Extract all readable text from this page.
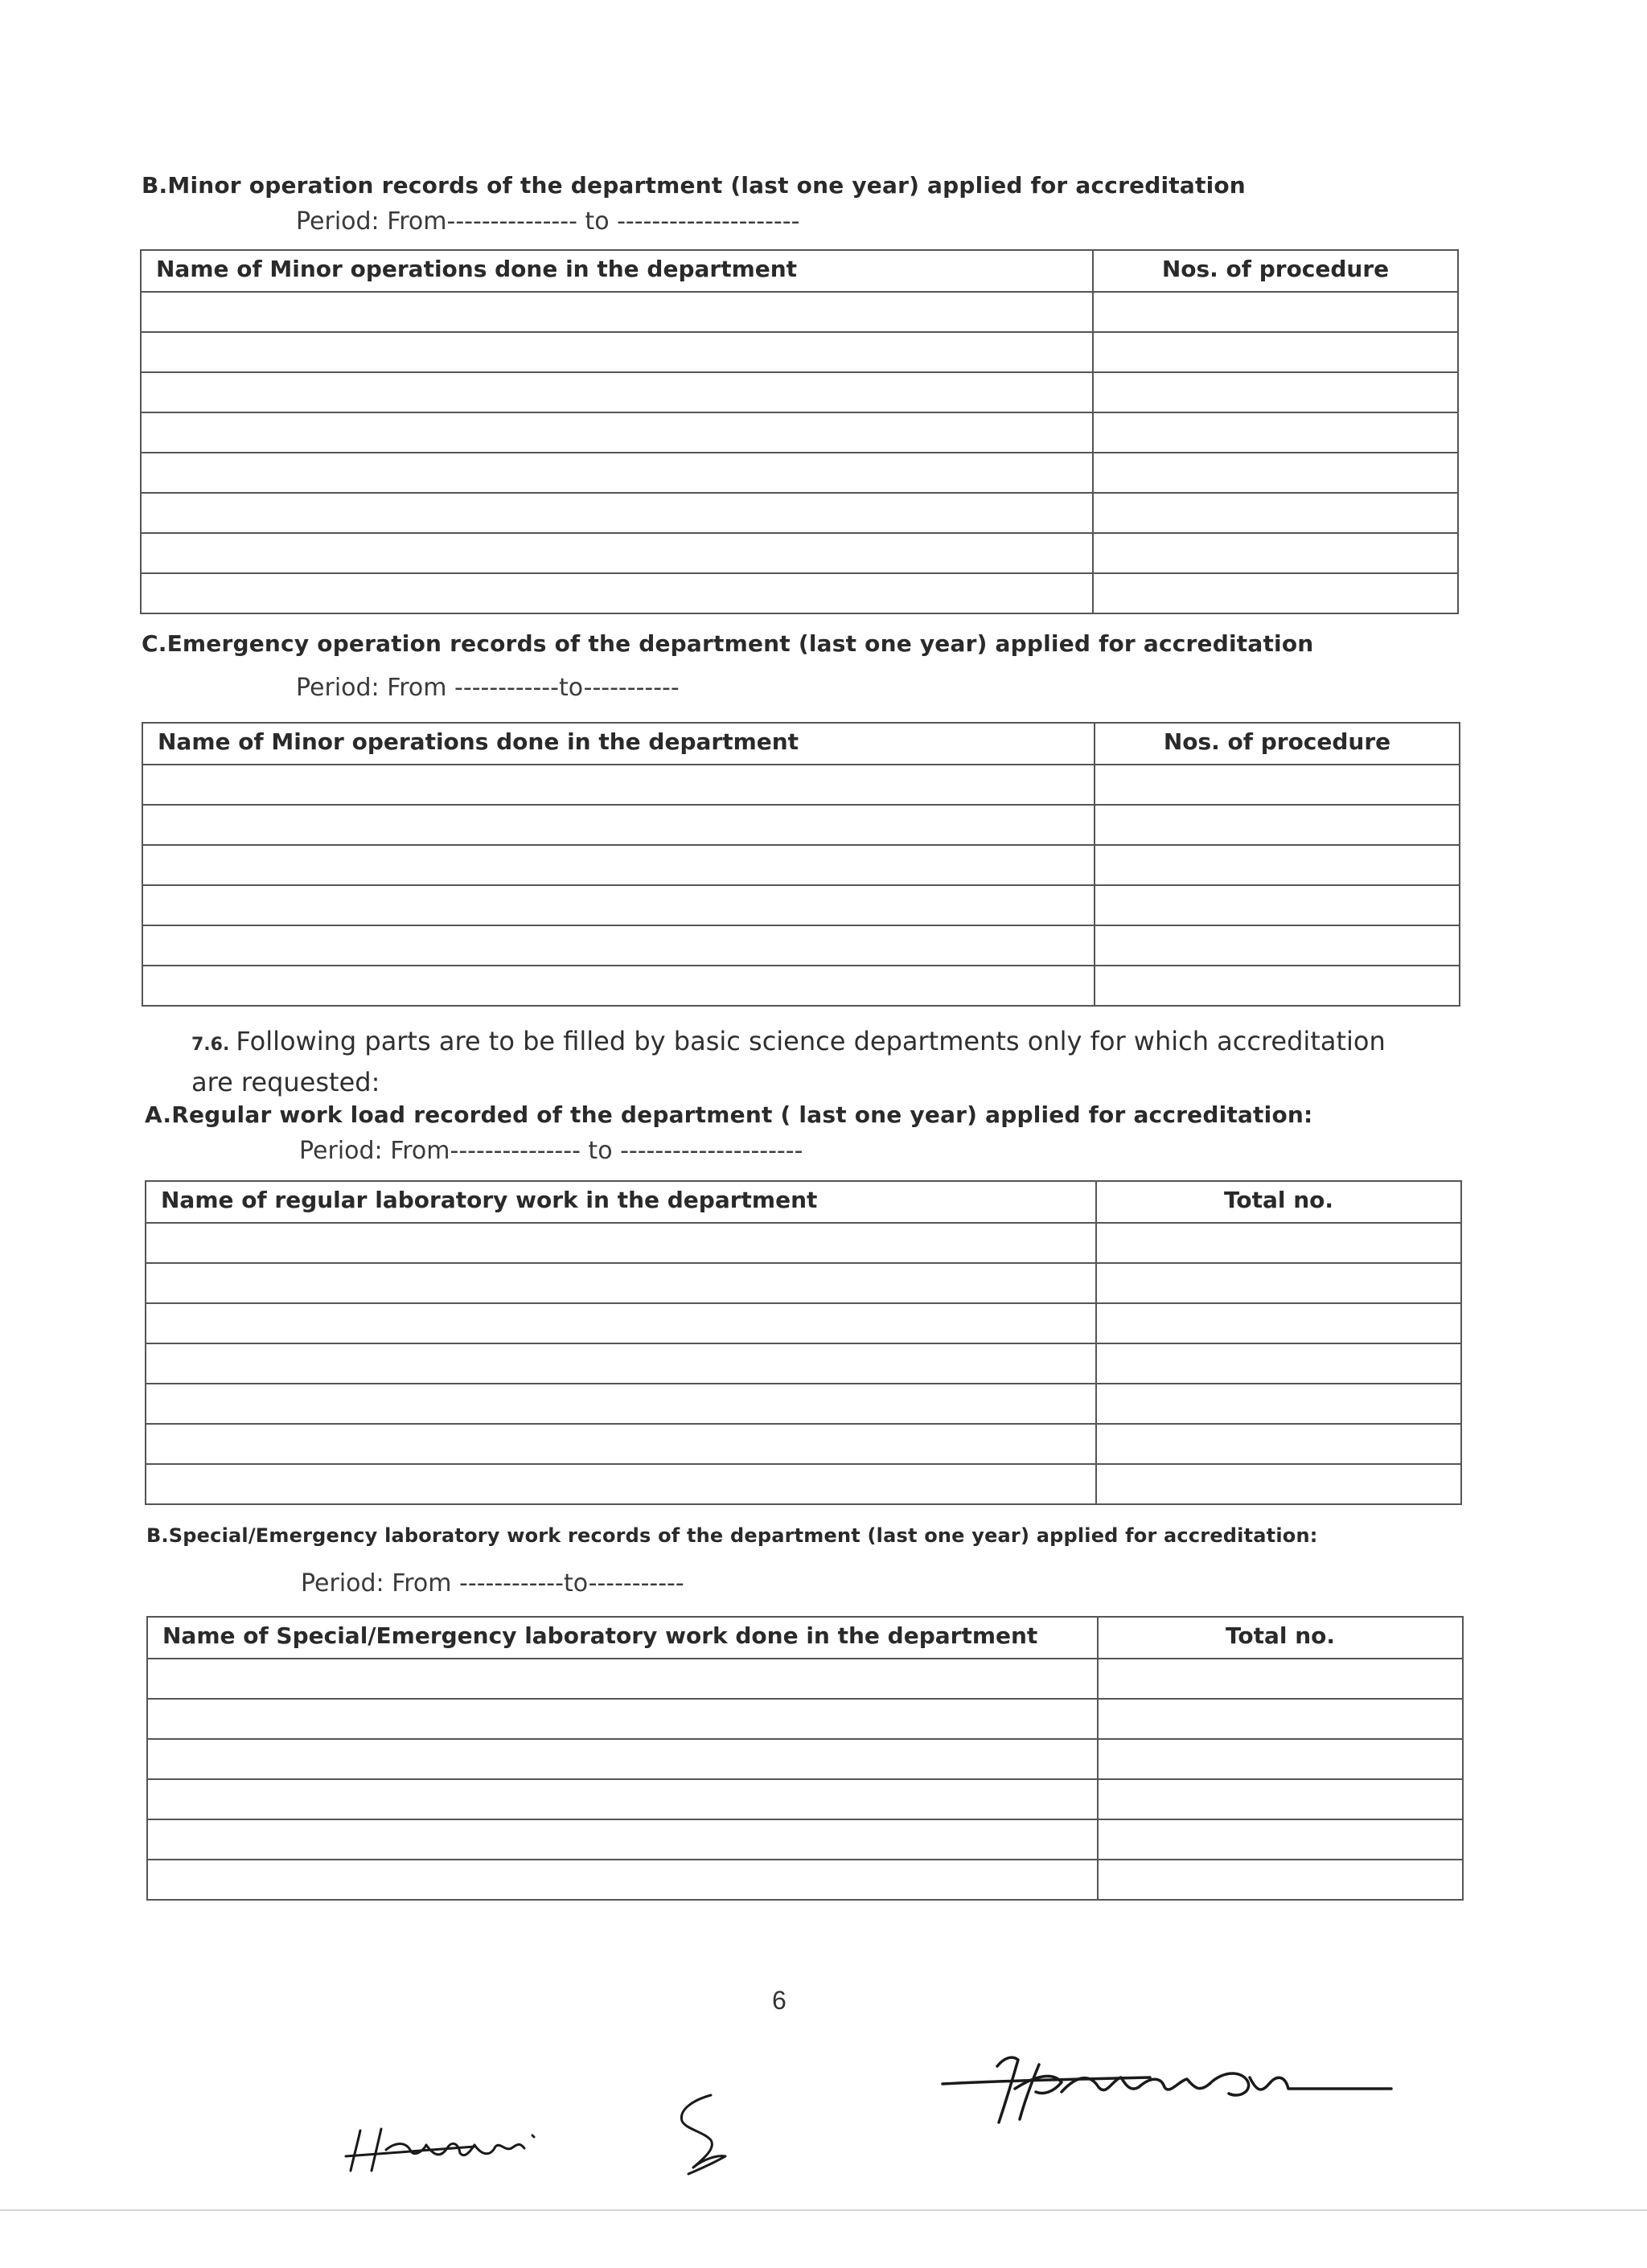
B.Minor operation records of the department (last one year) applied for accreditation
Period: From--------------- to ---------------------
Name of Minor operations done in the department	Nos. of procedure

C.Emergency operation records of the department (last one year) applied for accreditation
Period: From ------------to-----------
Name of Minor operations done in the department	Nos. of procedure

7.6. Following parts are to be filled by basic science departments only for which accreditation are requested:
A.Regular work load recorded of the department ( last one year) applied for accreditation:
Period: From--------------- to ---------------------
Name of regular laboratory work in the department	Total no.

B.Special/Emergency laboratory work records of the department (last one year) applied for accreditation:
Period: From ------------to-----------
Name of Special/Emergency laboratory work done in the department	Total no.

6
